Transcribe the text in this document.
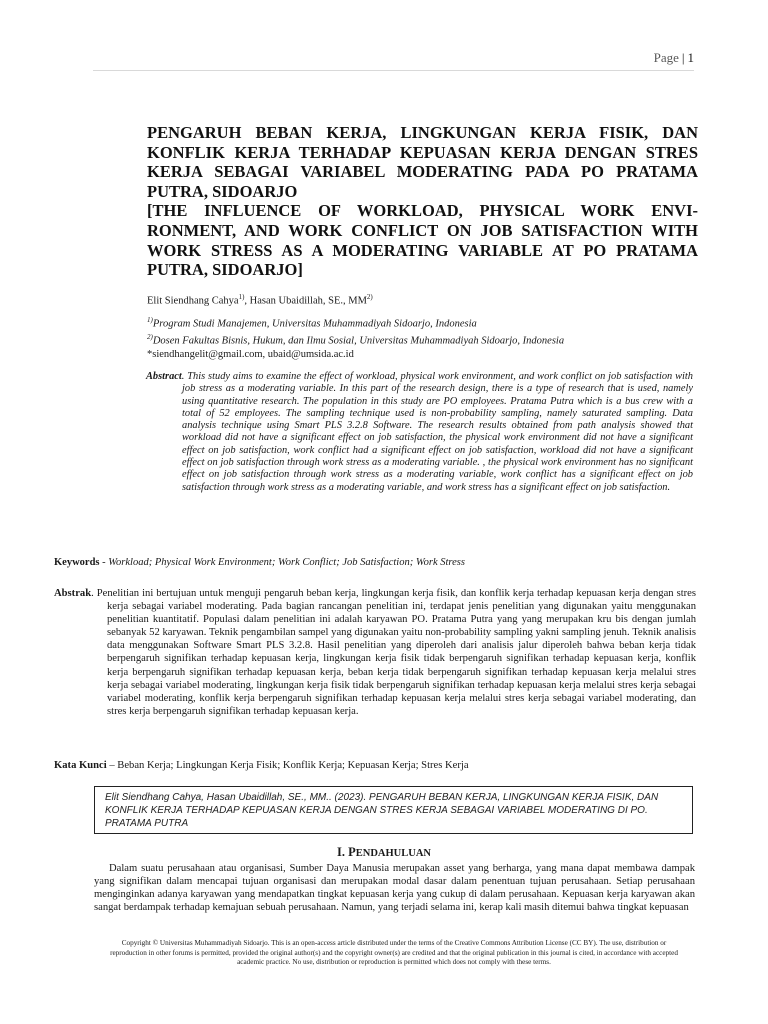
Page | 1
PENGARUH BEBAN KERJA, LINGKUNGAN KERJA FISIK, DAN KONFLIK KERJA TERHADAP KEPUASAN KERJA DENGAN STRES KERJA SEBAGAI VARIABEL MODERATING PADA PO PRATAMA PUTRA, SIDOARJO
[THE INFLUENCE OF WORKLOAD, PHYSICAL WORK ENVI-RONMENT, AND WORK CONFLICT ON JOB SATISFACTION WITH WORK STRESS AS A MODERATING VARIABLE AT PO PRATAMA PUTRA, SIDOARJO]
Elit Siendhang Cahya$^{1)}$, Hasan Ubaidillah, SE., MM$^{2)}$
$^{1)}$Program Studi Manajemen, Universitas Muhammadiyah Sidoarjo, Indonesia
$^{2)}$Dosen Fakultas Bisnis, Hukum, dan Ilmu Sosial, Universitas Muhammadiyah Sidoarjo, Indonesia
*siendhangelit@gmail.com, ubaid@umsida.ac.id

Abstract. This study aims to examine the effect of workload, physical work environment, and work conflict on job satisfaction with job stress as a moderating variable. In this part of the research design, there is a type of research that is used, namely using quantitative research. The population in this study are PO employees. Pratama Putra which is a bus crew with a total of 52 employees. The sampling technique used is non-probability sampling, namely saturated sampling. Data analysis technique using Smart PLS 3.2.8 Software. The research results obtained from path analysis showed that workload did not have a significant effect on job satisfaction, the physical work environment did not have a significant effect on job satisfaction, work conflict had a significant effect on job satisfaction, workload did not have a significant effect on job satisfaction through work stress as a moderating variable. , the physical work environment has no significant effect on job satisfaction through work stress as a moderating variable, work conflict has a significant effect on job satisfaction through work stress as a moderating variable, and work stress has a significant effect on job satisfaction.

Keywords - Workload; Physical Work Environment; Work Conflict; Job Satisfaction; Work Stress

Abstrak. Penelitian ini bertujuan untuk menguji pengaruh beban kerja, lingkungan kerja fisik, dan konflik kerja terhadap kepuasan kerja dengan stres kerja sebagai variabel moderating. Pada bagian rancangan penelitian ini, terdapat jenis penelitian yang digunakan yaitu menggunakan penelitian kuantitatif. Populasi dalam penelitian ini adalah karyawan PO. Pratama Putra yang yang merupakan kru bis dengan jumlah sebanyak 52 karyawan. Teknik pengambilan sampel yang digunakan yaitu non-probability sampling yakni sampling jenuh. Teknik analisis data menggunakan Software Smart PLS 3.2.8. Hasil penelitian yang diperoleh dari analisis jalur diperoleh bahwa beban kerja tidak berpengaruh signifikan terhadap kepuasan kerja, lingkungan kerja fisik tidak berpengaruh signifikan terhadap kepuasan kerja, konflik kerja berpengaruh signifikan terhadap kepuasan kerja, beban kerja tidak berpengaruh signifikan terhadap kepuasan kerja melalui stres kerja sebagai variabel moderating, lingkungan kerja fisik tidak berpengaruh signifikan terhadap kepuasan kerja melalui stres kerja sebagai variabel moderating, konflik kerja berpengaruh signifikan terhadap kepuasan kerja melalui stres kerja sebagai variabel moderating, dan stres kerja berpengaruh signifikan terhadap kepuasan kerja.

Kata Kunci – Beban Kerja; Lingkungan Kerja Fisik; Konflik Kerja; Kepuasan Kerja; Stres Kerja
Elit Siendhang Cahya, Hasan Ubaidillah, SE., MM.. (2023). PENGARUH BEBAN KERJA, LINGKUNGAN KERJA FISIK, DAN KONFLIK KERJA TERHADAP KEPUASAN KERJA DENGAN STRES KERJA SEBAGAI VARIABEL MODERATING DI PO. PRATAMA PUTRA
I. PENDAHULUAN

Dalam suatu perusahaan atau organisasi, Sumber Daya Manusia merupakan asset yang berharga, yang mana dapat membawa dampak yang signifikan dalam mencapai tujuan organisasi dan merupakan modal dasar dalam penentuan tujuan perusahaan. Setiap perusahaan menginginkan adanya karyawan yang mendapatkan tingkat kepuasan kerja yang cukup di dalam perusahaan. Kepuasan kerja karyawan akan sangat berdampak terhadap kemajuan sebuah perusahaan. Namun, yang terjadi selama ini, kerap kali masih ditemui bahwa tingkat kepuasan

Copyright © Universitas Muhammadiyah Sidoarjo. This is an open-access article distributed under the terms of the Creative Commons Attribution License (CC BY). The use, distribution or reproduction in other forums is permitted, provided the original author(s) and the copyright owner(s) are credited and that the original publication in this journal is cited, in accordance with accepted academic practice. No use, distribution or reproduction is permitted which does not comply with these terms.
